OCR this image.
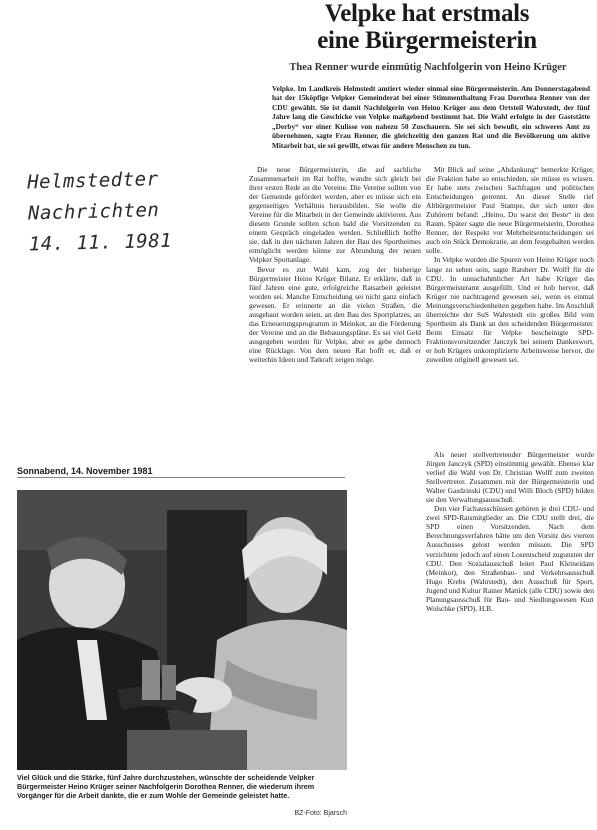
Velpke hat erstmals
eine Bürgermeisterin
Thea Renner wurde einmütig Nachfolgerin von Heino Krüger
Velpke. Im Landkreis Helmstedt amtiert wieder einmal eine Bürgermeisterin. Am Donnerstagabend hat der 15köpfige Velpker Gemeinderat bei einer Stimmenthaltung Frau Dorothea Renner von der CDU gewählt. Sie ist damit Nachfolgerin von Heino Krüger aus dem Ortsteil Wahrstedt, der fünf Jahre lang die Geschicke von Velpke maßgebend bestimmt hat. Die Wahl erfolgte in der Gaststätte „Derby“ vor einer Kulisse von nahezu 50 Zuschauern. Sie sei sich bewußt, ein schweres Amt zu übernehmen, sagte Frau Renner, die gleichzeitig den ganzen Rat und die Bevölkerung um aktive Mitarbeit bat, sie sei gewillt, etwas für andere Menschen zu tun.
Helmstedter
Nachrichten
14. 11. 1981

Die neue Bürgermeisterin, die auf sachliche Zusammenarbeit im Rat hoffte, wandte sich gleich bei ihrer ersten Rede an die Vereine. Die Vereine sollten von der Gemeinde gefördert werden, aber es müsse sich ein gegenseitiges Verhältnis herausbilden. Sie wolle die Vereine für die Mitarbeit in der Gemeinde aktivieren. Aus diesem Grunde sollten schon bald die Vorsitzenden zu einem Gespräch eingeladen werden. Schließlich hoffte sie, daß in den nächsten Jahren der Bau des Sportheimes ermöglicht werden könne zur Abrundung der neuen Velpker Sportanlage.

Bevor es zur Wahl kam, zog der bisherige Bürgermeister Heino Krüger Bilanz. Er erklärte, daß in fünf Jahren eine gute, erfolgreiche Ratsarbeit geleistet worden sei. Manche Entscheidung sei nicht ganz einfach gewesen. Er erinnerte an die vielen Straßen, die ausgebaut worden seien, an den Bau des Sportplatzes, an das Erneuerungsprogramm in Meinkot, an die Förderung der Vereine und an die Bebauungspläne. Es sei viel Geld ausgegeben worden für Velpke, aber es gebe dennoch eine Rücklage. Von dem neuen Rat hofft er, daß er weiterhin Ideen und Tatkraft zeigen möge.

Mit Blick auf seine „Abdankung“ bemerkte Krüger, die Fraktion habe so entschieden, sie müsse es wissen. Er habe stets zwischen Sachfragen und politischen Entscheidungen getrennt. An dieser Stelle rief Altbürgermeister Paul Stampe, der sich unter den Zuhörern befand: „Heino, Du warst der Beste“ in den Raum. Später sagte die neue Bürgermeisterin, Dorothea Renner, der Respekt vor Mehrheitsentscheidungen sei auch ein Stück Demokratie, an dem festgehalten werden solle.

In Velpke wurden die Spuren von Heino Krüger noch lange zu sehen sein, sagte Ratsherr Dr. Wolff für die CDU. In unnachahmlicher Art habe Krüger das Bürgermeisteramt ausgefüllt. Und er hob hervor, daß Krüger nie nachtragend gewesen sei, wenn es einmal Meinungsverschiedenheiten gegeben habe. Im Anschluß überreichte der SuS Wahrstedt ein großes Bild vom Sportheim als Dank an den scheidenden Bürgermeister. Beim Einsatz für Velpke bescheinigte SPD-Fraktionsvorsitzender Janczyk bei seinem Dankeswort, er hob Krügers unkomplizierte Arbeitsweise hervor, die zuweilen originell gewesen sei.

Als neuer stellvertretender Bürgermeister wurde Jürgen Janczyk (SPD) einstimmig gewählt. Ebenso klar verlief die Wahl von Dr. Christian Wolff zum zweiten Stellvertreter. Zusammen mit der Bürgermeisterin und Walter Gasdzinski (CDU) und Willi Bloch (SPD) bilden sie den Verwaltungsausschuß.

Den vier Fachausschüssen gehören je drei CDU- und zwei SPD-Ratsmitglieder an. Die CDU stellt drei, die SPD einen Vorsitzenden. Nach dem Berechnungsverfahren hätte um den Vorsitz des vierten Ausschusses gelost werden müssen. Die SPD verzichtete jedoch auf einen Losentscheid zugunsten der CDU. Den Sozialausschuß leitet Paul Kleineidam (Meinkot), den Straßenbau- und Verkehrsausschuß Hugo Krebs (Wahrstedt), den Ausschuß für Sport, Jugend und Kultur Rainer Mattick (alle CDU) sowie den Planungsausschuß für Bau- und Siedlungswesen Kurt Wolschke (SPD). H.B.

Sonnabend, 14. November 1981
Viel Glück und die Stärke, fünf Jahre durchzustehen, wünschte der scheidende Velpker Bürgermeister Heino Krüger seiner Nachfolgerin Dorothea Renner, die wiederum ihrem Vorgänger für die Arbeit dankte, die er zum Wohle der Gemeinde geleistet hatte.
BZ-Foto: Bjarsch
